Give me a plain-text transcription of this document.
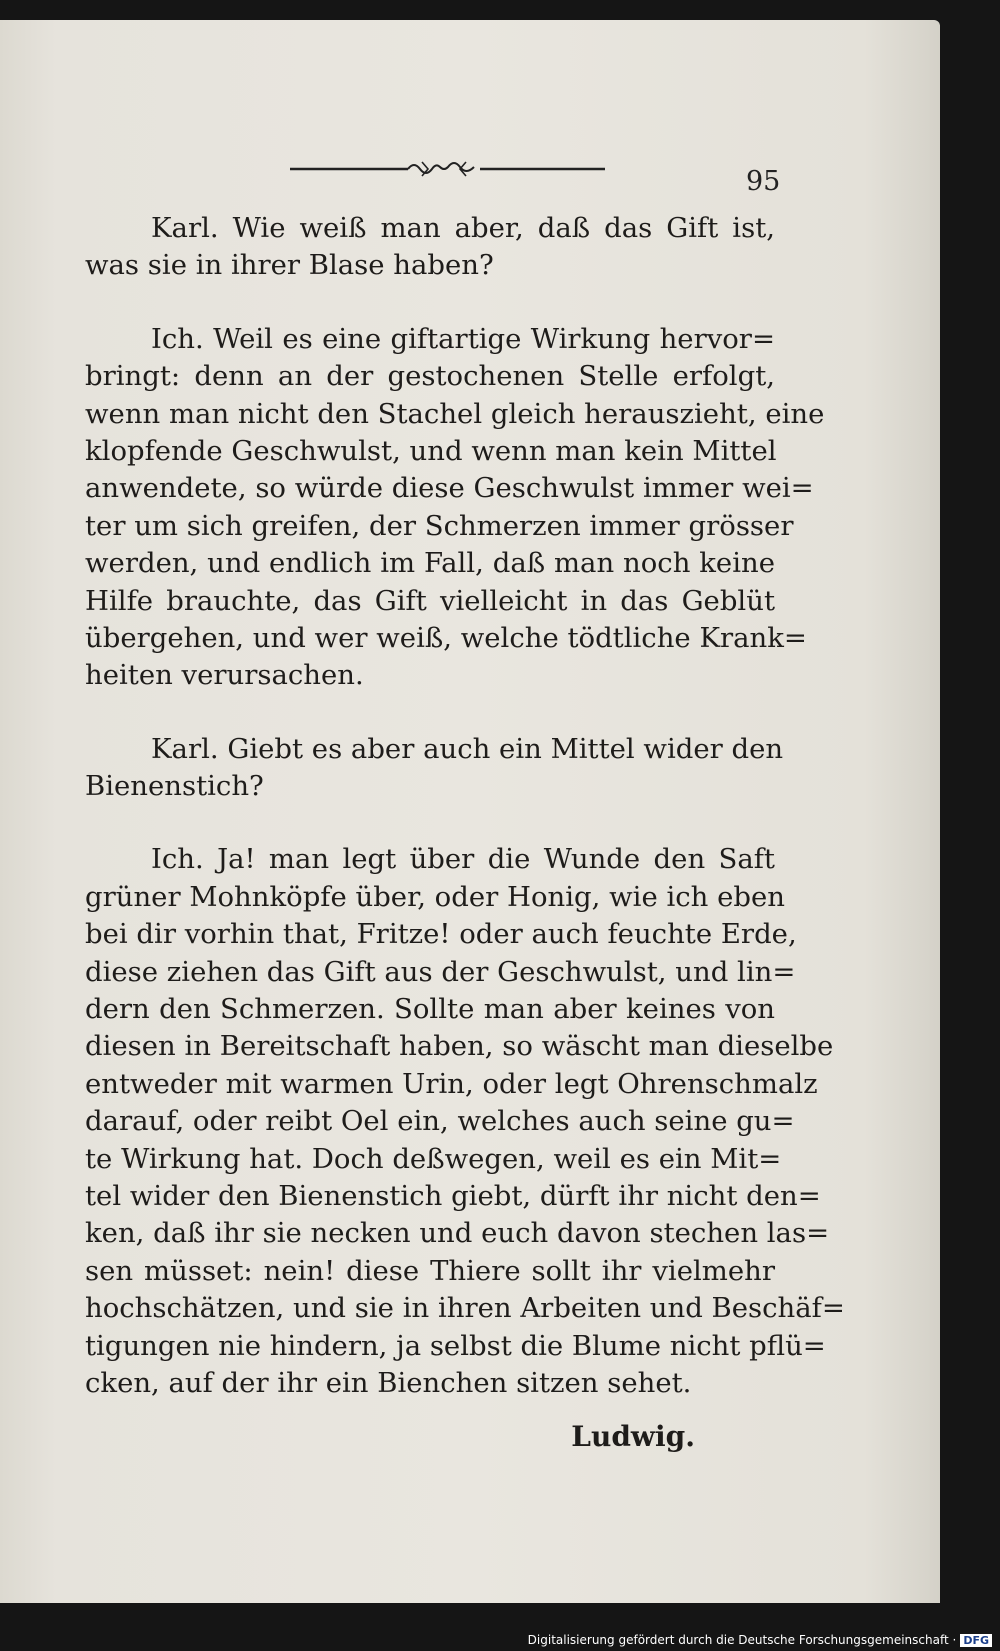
95
Karl. Wie weiß man aber, daß das Gift ist,
was sie in ihrer Blase haben?
Ich. Weil es eine giftartige Wirkung hervor=
bringt: denn an der gestochenen Stelle erfolgt,
wenn man nicht den Stachel gleich herauszieht, eine
klopfende Geschwulst, und wenn man kein Mittel
anwendete, so würde diese Geschwulst immer wei=
ter um sich greifen, der Schmerzen immer grösser
werden, und endlich im Fall, daß man noch keine
Hilfe brauchte, das Gift vielleicht in das Geblüt
übergehen, und wer weiß, welche tödtliche Krank=
heiten verursachen.
Karl. Giebt es aber auch ein Mittel wider den
Bienenstich?
Ich. Ja! man legt über die Wunde den Saft
grüner Mohnköpfe über, oder Honig, wie ich eben
bei dir vorhin that, Fritze! oder auch feuchte Erde,
diese ziehen das Gift aus der Geschwulst, und lin=
dern den Schmerzen. Sollte man aber keines von
diesen in Bereitschaft haben, so wäscht man dieselbe
entweder mit warmen Urin, oder legt Ohrenschmalz
darauf, oder reibt Oel ein, welches auch seine gu=
te Wirkung hat. Doch deßwegen, weil es ein Mit=
tel wider den Bienenstich giebt, dürft ihr nicht den=
ken, daß ihr sie necken und euch davon stechen las=
sen müsset: nein! diese Thiere sollt ihr vielmehr
hochschätzen, und sie in ihren Arbeiten und Beschäf=
tigungen nie hindern, ja selbst die Blume nicht pflü=
cken, auf der ihr ein Bienchen sitzen sehet.
Ludwig.
Digitalisierung gefördert durch die Deutsche Forschungsgemeinschaft · DFG
